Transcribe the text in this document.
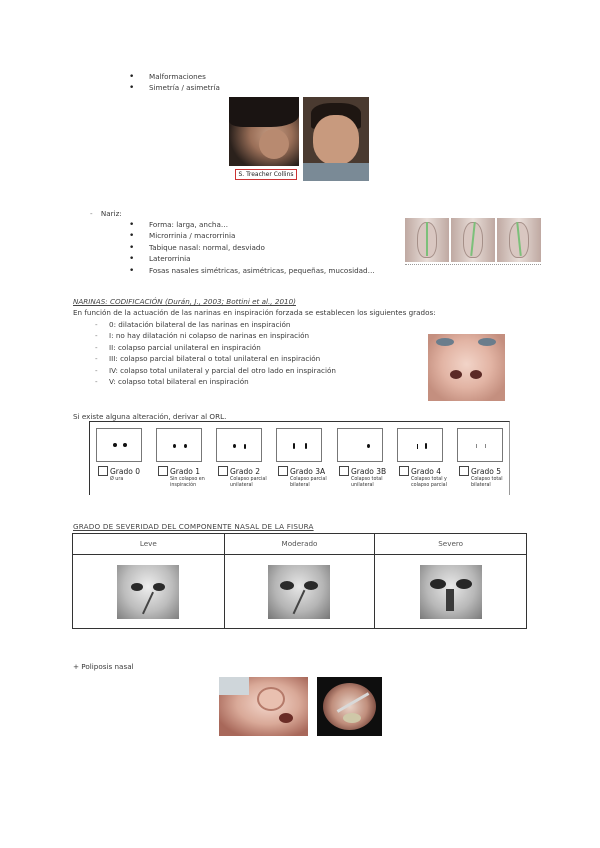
• Malformaciones
• Simetría / asimetría
S. Treacher Collins
- Nariz:
• Forma: larga, ancha…
• Microrrinia / macrorrinia
• Tabique nasal: normal, desviado
• Laterorrinia
• Fosas nasales simétricas, asimétricas, pequeñas, mucosidad…
NARINAS: CODIFICACIÓN (Durán, J., 2003; Bottini et al., 2010)
En función de la actuación de las narinas en inspiración forzada se establecen los siguientes grados:
- 0: dilatación bilateral de las narinas en inspiración
- I: no hay dilatación ni colapso de narinas en inspiración
- II: colapso parcial unilateral en inspiración
- III: colapso parcial bilateral o total unilateral en inspiración
- IV: colapso total unilateral y parcial del otro lado en inspiración
- V: colapso total bilateral en inspiración
Si existe alguna alteración, derivar al ORL.
Grado 0
Ø ura
Grado 1
Sin colapso en inspiración
Grado 2
Colapso parcial unilateral
Grado 3A
Colapso parcial bilateral
Grado 3B
Colapso total unilateral
Grado 4
Colapso total y colapso parcial
Grado 5
Colapso total bilateral
GRADO DE SEVERIDAD DEL COMPONENTE NASAL DE LA FISURA
Leve	Moderado	Severo

+ Poliposis nasal
